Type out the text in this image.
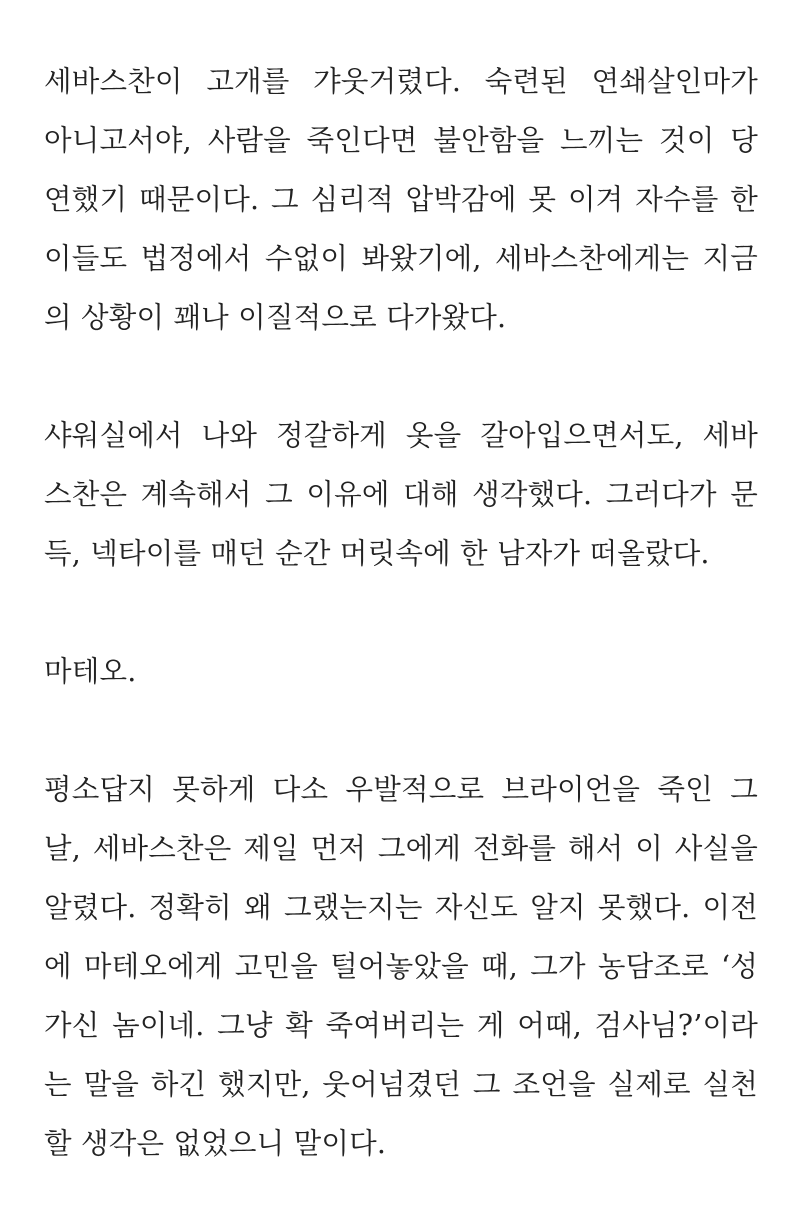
세바스찬이 고개를 갸웃거렸다. 숙련된 연쇄살인마가
아니고서야, 사람을 죽인다면 불안함을 느끼는 것이 당
연했기 때문이다. 그 심리적 압박감에 못 이겨 자수를 한
이들도 법정에서 수없이 봐왔기에, 세바스찬에게는 지금
의 상황이 꽤나 이질적으로 다가왔다.
샤워실에서 나와 정갈하게 옷을 갈아입으면서도, 세바
스찬은 계속해서 그 이유에 대해 생각했다. 그러다가 문
득, 넥타이를 매던 순간 머릿속에 한 남자가 떠올랐다.
마테오.
평소답지 못하게 다소 우발적으로 브라이언을 죽인 그
날, 세바스찬은 제일 먼저 그에게 전화를 해서 이 사실을
알렸다. 정확히 왜 그랬는지는 자신도 알지 못했다. 이전
에 마테오에게 고민을 털어놓았을 때, 그가 농담조로 ‘성
가신 놈이네. 그냥 확 죽여버리는 게 어때, 검사님?’이라
는 말을 하긴 했지만, 웃어넘겼던 그 조언을 실제로 실천
할 생각은 없었으니 말이다.
